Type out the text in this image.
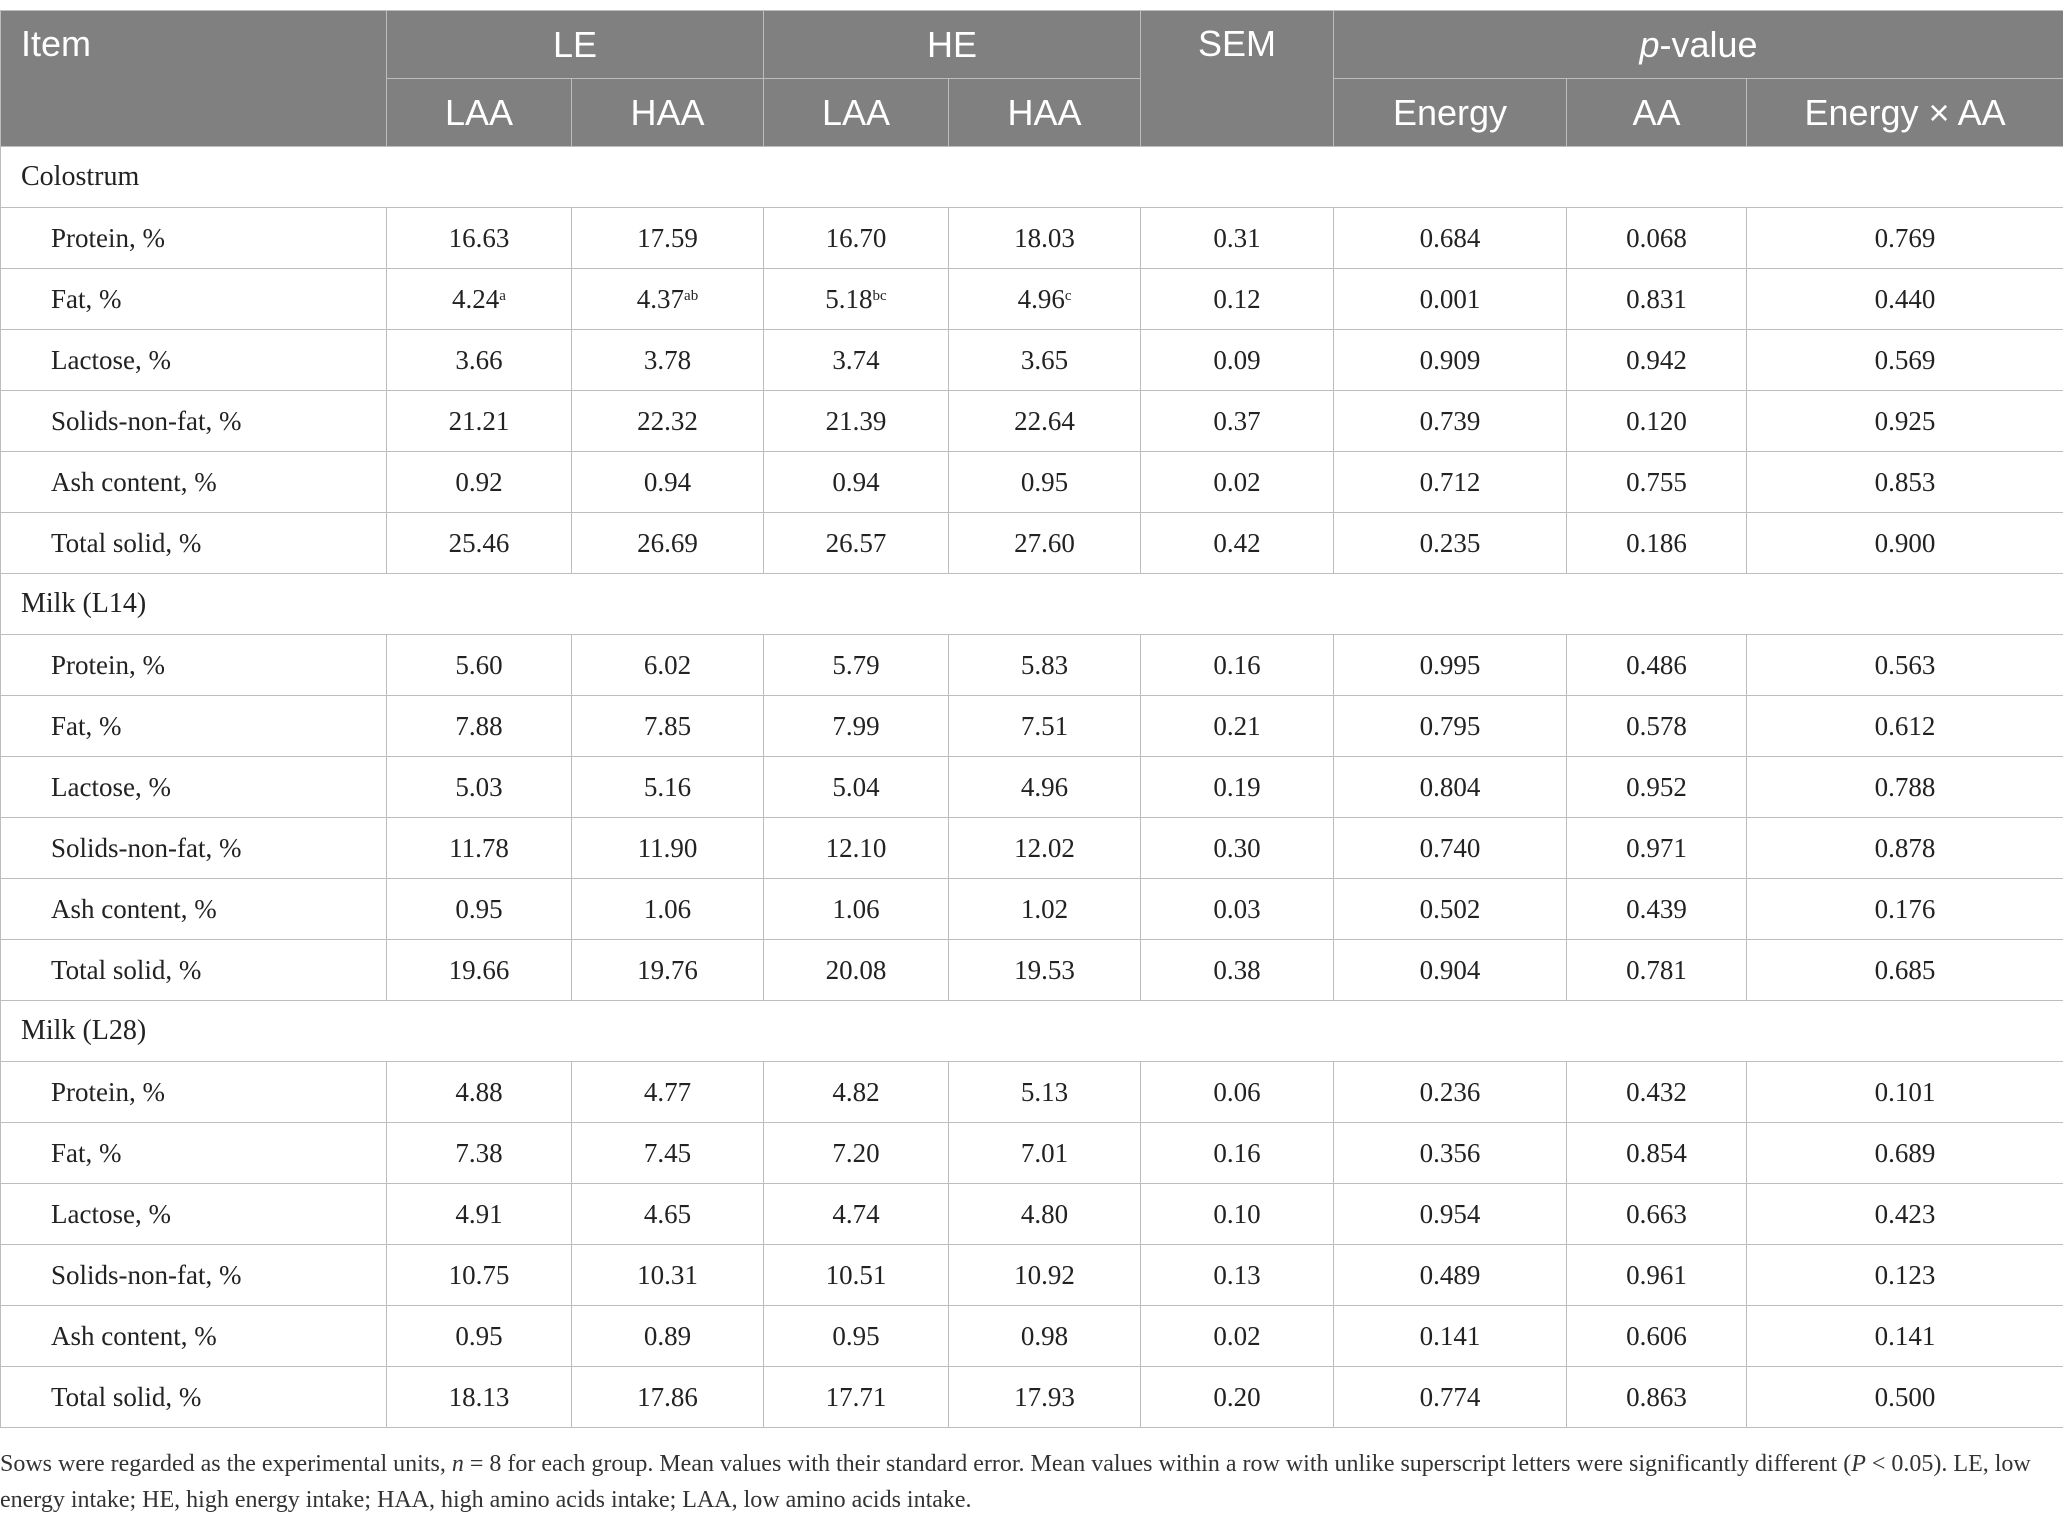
Item	LE		HE		SEM	p-value		
	LAA	HAA	LAA	HAA		Energy	AA	Energy × AA
Colostrum								
Protein, %	16.63	17.59	16.70	18.03	0.31	0.684	0.068	0.769
Fat, %	4.24$^a$	4.37$^{ab}$	5.18$^{bc}$	4.96$^c$	0.12	0.001	0.831	0.440
Lactose, %	3.66	3.78	3.74	3.65	0.09	0.909	0.942	0.569
Solids-non-fat, %	21.21	22.32	21.39	22.64	0.37	0.739	0.120	0.925
Ash content, %	0.92	0.94	0.94	0.95	0.02	0.712	0.755	0.853
Total solid, %	25.46	26.69	26.57	27.60	0.42	0.235	0.186	0.900
Milk (L14)								
Protein, %	5.60	6.02	5.79	5.83	0.16	0.995	0.486	0.563
Fat, %	7.88	7.85	7.99	7.51	0.21	0.795	0.578	0.612
Lactose, %	5.03	5.16	5.04	4.96	0.19	0.804	0.952	0.788
Solids-non-fat, %	11.78	11.90	12.10	12.02	0.30	0.740	0.971	0.878
Ash content, %	0.95	1.06	1.06	1.02	0.03	0.502	0.439	0.176
Total solid, %	19.66	19.76	20.08	19.53	0.38	0.904	0.781	0.685
Milk (L28)								
Protein, %	4.88	4.77	4.82	5.13	0.06	0.236	0.432	0.101
Fat, %	7.38	7.45	7.20	7.01	0.16	0.356	0.854	0.689
Lactose, %	4.91	4.65	4.74	4.80	0.10	0.954	0.663	0.423
Solids-non-fat, %	10.75	10.31	10.51	10.92	0.13	0.489	0.961	0.123
Ash content, %	0.95	0.89	0.95	0.98	0.02	0.141	0.606	0.141
Total solid, %	18.13	17.86	17.71	17.93	0.20	0.774	0.863	0.500

Sows were regarded as the experimental units, n = 8 for each group. Mean values with their standard error. Mean values within a row with unlike superscript letters were significantly different (P < 0.05). LE, low energy intake; HE, high energy intake; HAA, high amino acids intake; LAA, low amino acids intake.
